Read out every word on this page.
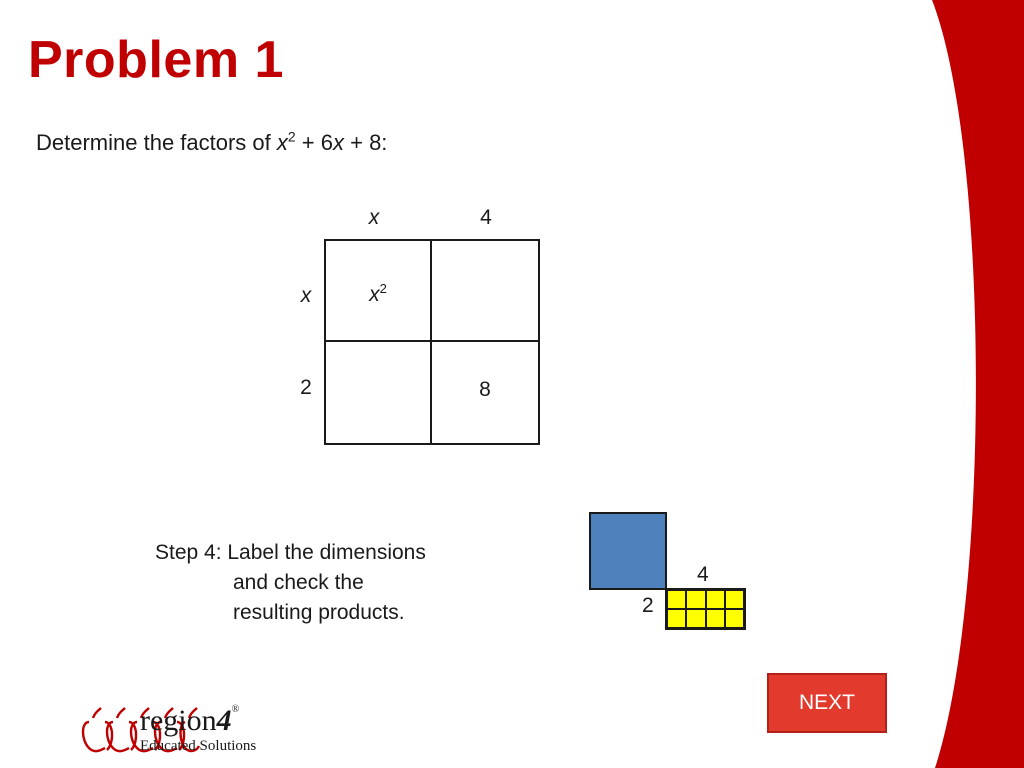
Problem 1
Determine the factors of $x^2 + 6x + 8$:
x	4
x
2
$x^2$
8
Step 4: Label the dimensions
and check the
resulting products.
4
2
NEXT
region4®
Educated Solutions
